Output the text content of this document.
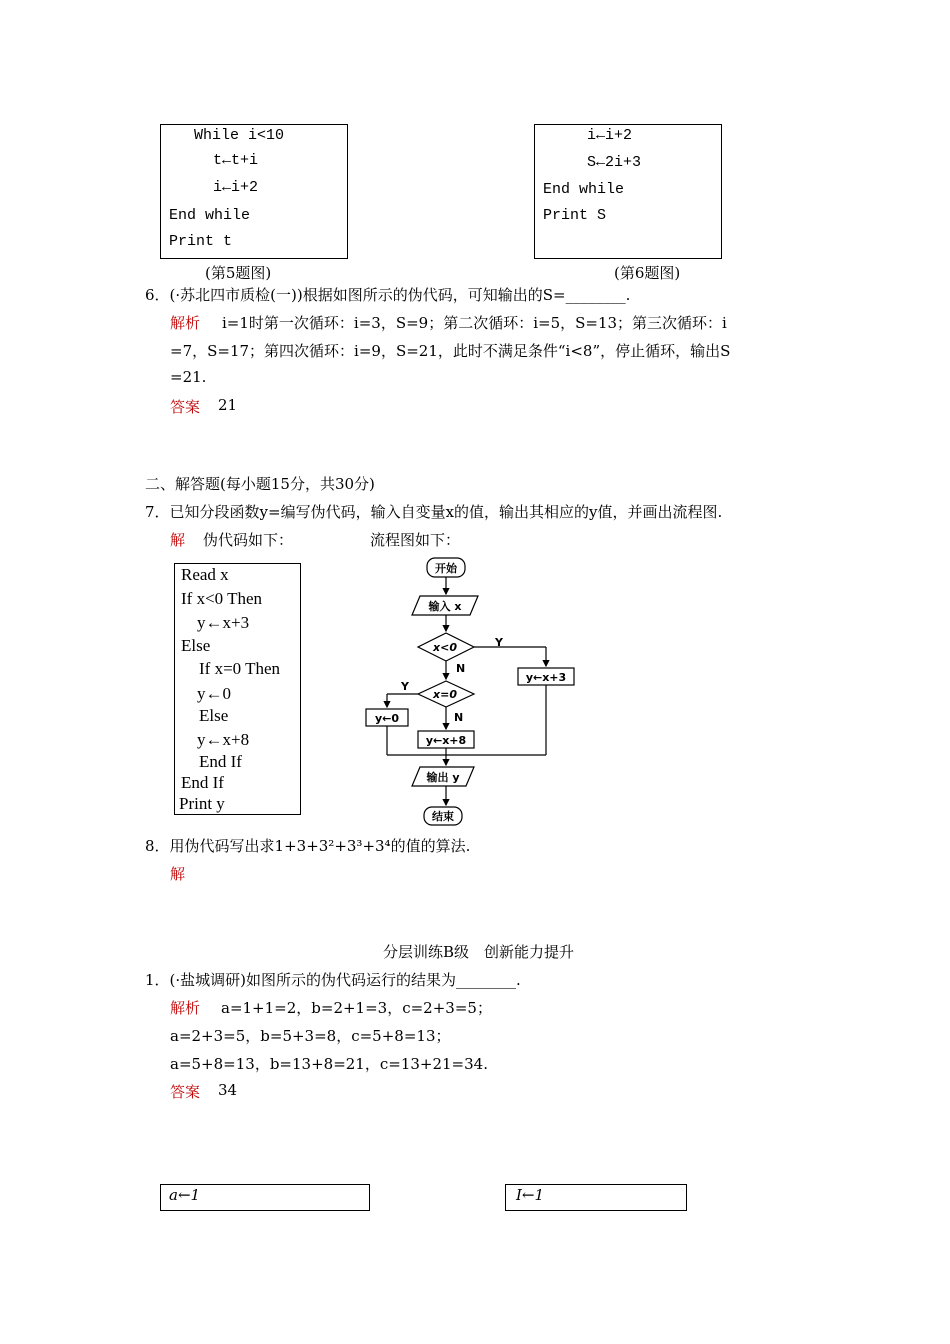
While i<10
t←t+i
i←i+2
End while
Print t
(第5题图)
i←i+2
S←2i+3
End while
Print S
(第6题图)
6．(·苏北四市质检(一))根据如图所示的伪代码，可知输出的S=________.
解析 i=1时第一次循环：i=3，S=9；第二次循环：i=5，S=13；第三次循环：i
=7，S=17；第四次循环：i=9，S=21，此时不满足条件“i<8”，停止循环，输出S
=21.
答案 21
二、解答题(每小题15分，共30分)
7．已知分段函数y=编写伪代码，输入自变量x的值，输出其相应的y值，并画出流程图.
解 伪代码如下：	流程图如下：
Read x
If x<0 Then
y←x+3
Else
If x=0 Then
y←0
Else
y←x+8
End If
End If
Print y
开始
输入 x
x<0	Y
N
y←x+3
x=0
Y
N
y←0
y←x+8
输出 y
结束
8．用伪代码写出求1+3+3²+3³+3⁴的值的算法.
解
分层训练B级　创新能力提升
1．(·盐城调研)如图所示的伪代码运行的结果为________.
解析 a=1+1=2，b=2+1=3，c=2+3=5；
a=2+3=5，b=5+3=8，c=5+8=13；
a=5+8=13，b=13+8=21，c=13+21=34.
答案 34
a←1	I←1
